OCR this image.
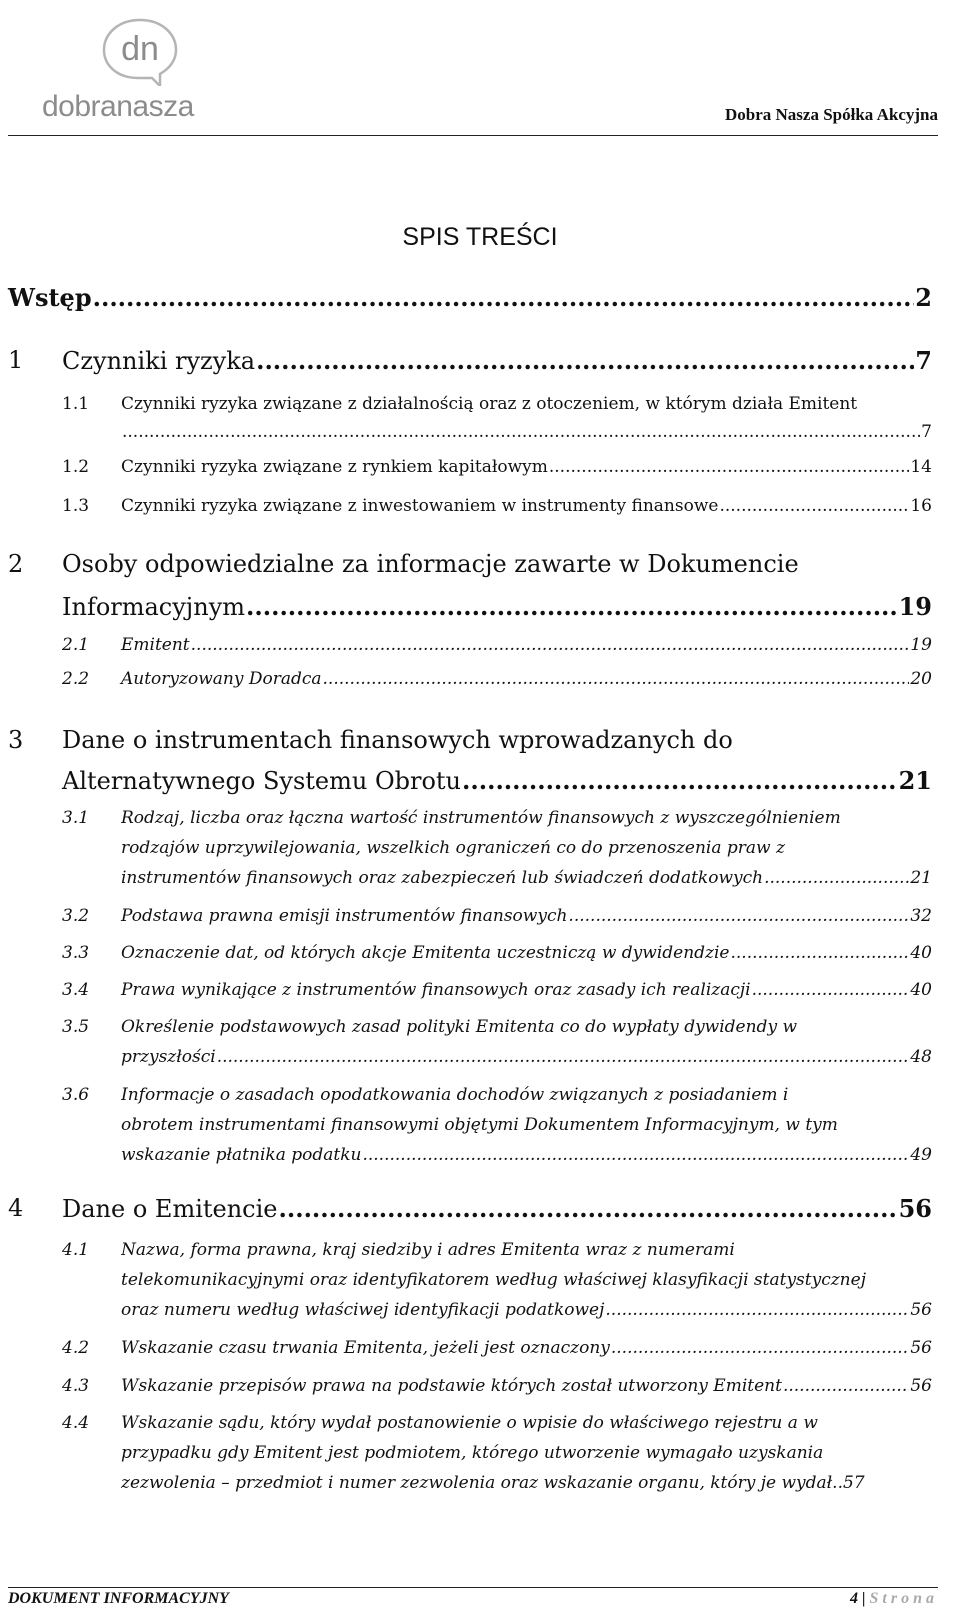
dn
dobranasza	Dobra Nasza Spółka Akcyjna
SPIS TREŚCI
Wstęp .....	2
1 Czynniki ryzyka .....	7
1.1 Czynniki ryzyka związane z działalnością oraz z otoczeniem, w którym działa Emitent
.....
7
1.2 Czynniki ryzyka związane z rynkiem kapitałowym .....	14
1.3 Czynniki ryzyka związane z inwestowaniem w instrumenty finansowe .....	16
2 Osoby odpowiedzialne za informacje zawarte w Dokumencie
Informacyjnym .....	19
2.1 Emitent .....	19
2.2 Autoryzowany Doradca .....	20
3 Dane o instrumentach finansowych wprowadzanych do
Alternatywnego Systemu Obrotu .....	21
3.1 Rodzaj, liczba oraz łączna wartość instrumentów finansowych z wyszczególnieniem
rodzajów uprzywilejowania, wszelkich ograniczeń co do przenoszenia praw z
instrumentów finansowych oraz zabezpieczeń lub świadczeń dodatkowych .....	21
3.2 Podstawa prawna emisji instrumentów finansowych .....	32
3.3 Oznaczenie dat, od których akcje Emitenta uczestniczą w dywidendzie .....	40
3.4 Prawa wynikające z instrumentów finansowych oraz zasady ich realizacji .....	40
3.5 Określenie podstawowych zasad polityki Emitenta co do wypłaty dywidendy w
przyszłości .....	48
3.6 Informacje o zasadach opodatkowania dochodów związanych z posiadaniem i
obrotem instrumentami finansowymi objętymi Dokumentem Informacyjnym, w tym
wskazanie płatnika podatku .....	49
4 Dane o Emitencie .....	56
4.1 Nazwa, forma prawna, kraj siedziby i adres Emitenta wraz z numerami
telekomunikacyjnymi oraz identyfikatorem według właściwej klasyfikacji statystycznej
oraz numeru według właściwej identyfikacji podatkowej .....	56
4.2 Wskazanie czasu trwania Emitenta, jeżeli jest oznaczony .....	56
4.3 Wskazanie przepisów prawa na podstawie których został utworzony Emitent .....	56
4.4 Wskazanie sądu, który wydał postanowienie o wpisie do właściwego rejestru a w
przypadku gdy Emitent jest podmiotem, którego utworzenie wymagało uzyskania
zezwolenia – przedmiot i numer zezwolenia oraz wskazanie organu, który je wydał.. 57
DOKUMENT INFORMACYJNY	4 | Strona
